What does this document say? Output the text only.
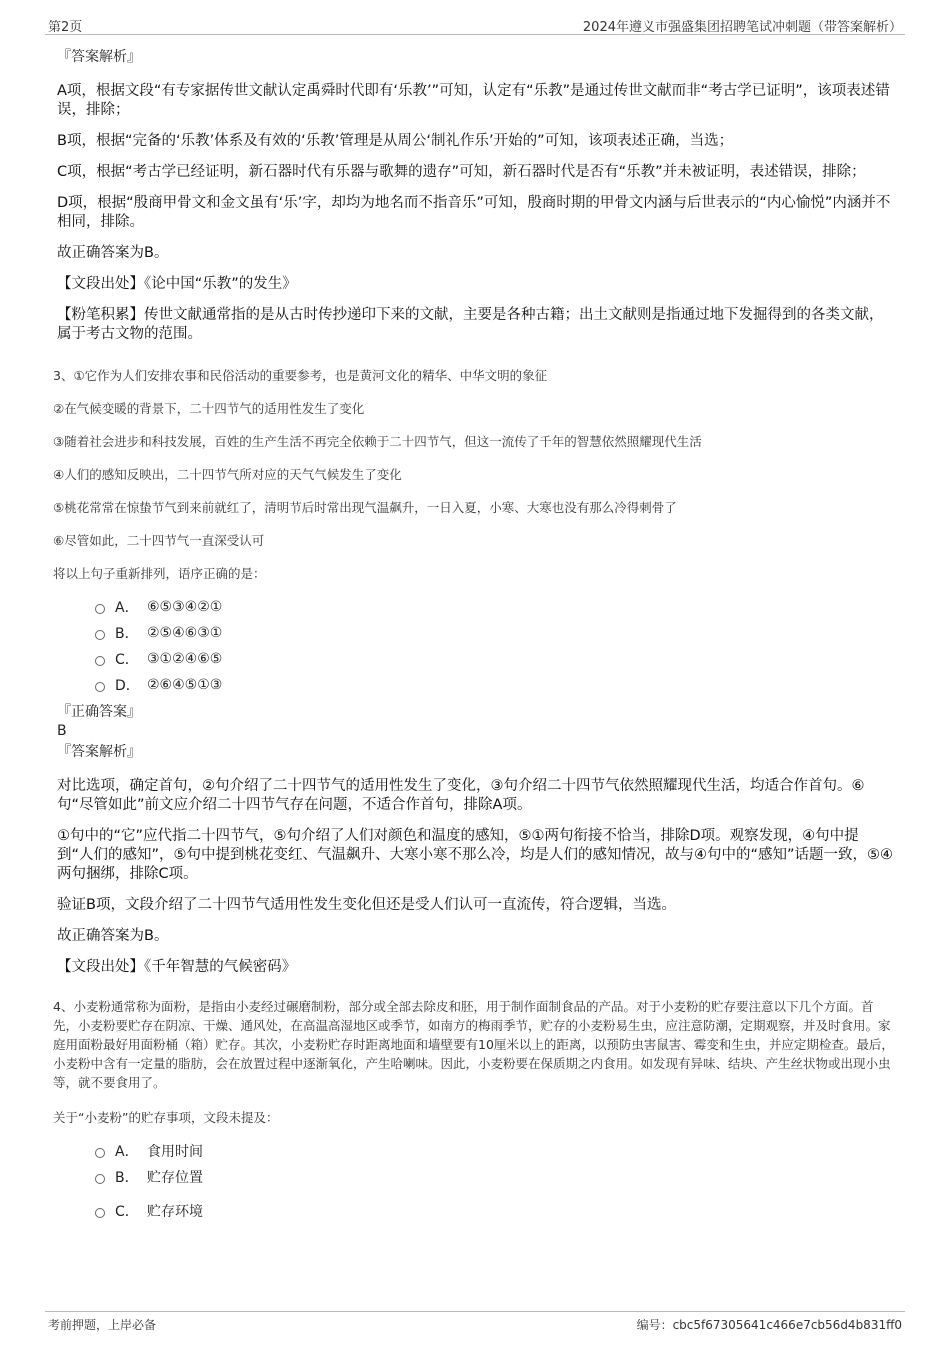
第2页	2024年遵义市强盛集团招聘笔试冲刺题（带答案解析）
『答案解析』

A项，根据文段“有专家据传世文献认定禹舜时代即有‘乐教’”可知，认定有“乐教”是通过传世文献而非“考古学已证明”，该项表述错误，排除；

B项，根据“完备的‘乐教’体系及有效的‘乐教’管理是从周公‘制礼作乐’开始的”可知，该项表述正确，当选；

C项，根据“考古学已经证明，新石器时代有乐器与歌舞的遗存”可知，新石器时代是否有“乐教”并未被证明，表述错误，排除；

D项，根据“殷商甲骨文和金文虽有‘乐’字，却均为地名而不指音乐”可知，殷商时期的甲骨文内涵与后世表示的“内心愉悦”内涵并不相同，排除。

故正确答案为B。

【文段出处】《论中国“乐教”的发生》

【粉笔积累】传世文献通常指的是从古时传抄递印下来的文献，主要是各种古籍；出土文献则是指通过地下发掘得到的各类文献，属于考古文物的范围。

3、①它作为人们安排农事和民俗活动的重要参考，也是黄河文化的精华、中华文明的象征

②在气候变暖的背景下，二十四节气的适用性发生了变化

③随着社会进步和科技发展，百姓的生产生活不再完全依赖于二十四节气，但这一流传了千年的智慧依然照耀现代生活

④人们的感知反映出，二十四节气所对应的天气气候发生了变化

⑤桃花常常在惊蛰节气到来前就红了，清明节后时常出现气温飙升，一日入夏，小寒、大寒也没有那么冷得刺骨了

⑥尽管如此，二十四节气一直深受认可

将以上句子重新排列，语序正确的是：

A． ⑥⑤③④②①
B． ②⑤④⑥③①
C． ③①②④⑥⑤
D． ②⑥④⑤①③
『正确答案』
B
『答案解析』

对比选项，确定首句，②句介绍了二十四节气的适用性发生了变化，③句介绍二十四节气依然照耀现代生活，均适合作首句。⑥句“尽管如此”前文应介绍二十四节气存在问题，不适合作首句，排除A项。

①句中的“它”应代指二十四节气，⑤句介绍了人们对颜色和温度的感知，⑤①两句衔接不恰当，排除D项。观察发现，④句中提到“人们的感知”，⑤句中提到桃花变红、气温飙升、大寒小寒不那么冷，均是人们的感知情况，故与④句中的“感知”话题一致，⑤④两句捆绑，排除C项。

验证B项，文段介绍了二十四节气适用性发生变化但还是受人们认可一直流传，符合逻辑，当选。

故正确答案为B。

【文段出处】《千年智慧的气候密码》

4、小麦粉通常称为面粉，是指由小麦经过碾磨制粉，部分或全部去除皮和胚，用于制作面制食品的产品。对于小麦粉的贮存要注意以下几个方面。首先，小麦粉要贮存在阴凉、干燥、通风处，在高温高湿地区或季节，如南方的梅雨季节，贮存的小麦粉易生虫，应注意防潮，定期观察，并及时食用。家庭用面粉最好用面粉桶（箱）贮存。其次，小麦粉贮存时距离地面和墙壁要有10厘米以上的距离，以预防虫害鼠害、霉变和生虫，并应定期检查。最后，小麦粉中含有一定量的脂肪，会在放置过程中逐渐氧化，产生哈喇味。因此，小麦粉要在保质期之内食用。如发现有异味、结块、产生丝状物或出现小虫等，就不要食用了。

关于“小麦粉”的贮存事项，文段未提及：

A． 食用时间
B． 贮存位置
C． 贮存环境
考前押题，上岸必备	编号：cbc5f67305641c466e7cb56d4b831ff0
